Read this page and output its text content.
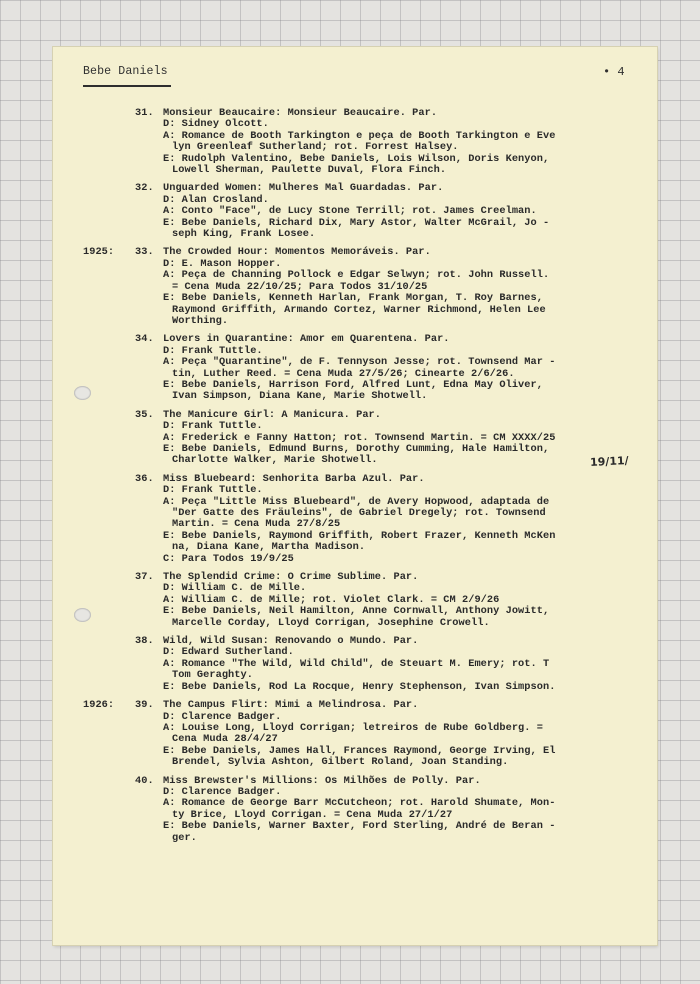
Bebe Daniels	• 4
19/11/
31. Monsieur Beaucaire: Monsieur Beaucaire. Par.
D: Sidney Olcott.
A: Romance de Booth Tarkington e peça de Booth Tarkington e Eve
lyn Greenleaf Sutherland; rot. Forrest Halsey.
E: Rudolph Valentino, Bebe Daniels, Lois Wilson, Doris Kenyon,
Lowell Sherman, Paulette Duval, Flora Finch.
32. Unguarded Women: Mulheres Mal Guardadas. Par.
D: Alan Crosland.
A: Conto "Face", de Lucy Stone Terrill; rot. James Creelman.
E: Bebe Daniels, Richard Dix, Mary Astor, Walter McGrail, Jo -
seph King, Frank Losee.
1925: 33. The Crowded Hour: Momentos Memoráveis. Par.
D: E. Mason Hopper.
A: Peça de Channing Pollock e Edgar Selwyn; rot. John Russell.
= Cena Muda 22/10/25; Para Todos 31/10/25
E: Bebe Daniels, Kenneth Harlan, Frank Morgan, T. Roy Barnes,
Raymond Griffith, Armando Cortez, Warner Richmond, Helen Lee
Worthing.
34. Lovers in Quarantine: Amor em Quarentena. Par.
D: Frank Tuttle.
A: Peça "Quarantine", de F. Tennyson Jesse; rot. Townsend Mar -
tin, Luther Reed. = Cena Muda 27/5/26; Cinearte 2/6/26.
E: Bebe Daniels, Harrison Ford, Alfred Lunt, Edna May Oliver,
Ivan Simpson, Diana Kane, Marie Shotwell.
35. The Manicure Girl: A Manicura. Par.
D: Frank Tuttle.
A: Frederick e Fanny Hatton; rot. Townsend Martin. = CM XXXX/25
E: Bebe Daniels, Edmund Burns, Dorothy Cumming, Hale Hamilton,
Charlotte Walker, Marie Shotwell.
36. Miss Bluebeard: Senhorita Barba Azul. Par.
D: Frank Tuttle.
A: Peça "Little Miss Bluebeard", de Avery Hopwood, adaptada de
"Der Gatte des Fräuleins", de Gabriel Dregely; rot. Townsend
Martin. = Cena Muda 27/8/25
E: Bebe Daniels, Raymond Griffith, Robert Frazer, Kenneth McKen
na, Diana Kane, Martha Madison.
C: Para Todos 19/9/25
37. The Splendid Crime: O Crime Sublime. Par.
D: William C. de Mille.
A: William C. de Mille; rot. Violet Clark. = CM 2/9/26
E: Bebe Daniels, Neil Hamilton, Anne Cornwall, Anthony Jowitt,
Marcelle Corday, Lloyd Corrigan, Josephine Crowell.
38. Wild, Wild Susan: Renovando o Mundo. Par.
D: Edward Sutherland.
A: Romance "The Wild, Wild Child", de Steuart M. Emery; rot. T
Tom Geraghty.
E: Bebe Daniels, Rod La Rocque, Henry Stephenson, Ivan Simpson.
1926: 39. The Campus Flirt: Mimi a Melindrosa. Par.
D: Clarence Badger.
A: Louise Long, Lloyd Corrigan; letreiros de Rube Goldberg. =
Cena Muda 28/4/27
E: Bebe Daniels, James Hall, Frances Raymond, George Irving, El
Brendel, Sylvia Ashton, Gilbert Roland, Joan Standing.
40. Miss Brewster's Millions: Os Milhões de Polly. Par.
D: Clarence Badger.
A: Romance de George Barr McCutcheon; rot. Harold Shumate, Mon-
ty Brice, Lloyd Corrigan. = Cena Muda 27/1/27
E: Bebe Daniels, Warner Baxter, Ford Sterling, André de Beran -
ger.
